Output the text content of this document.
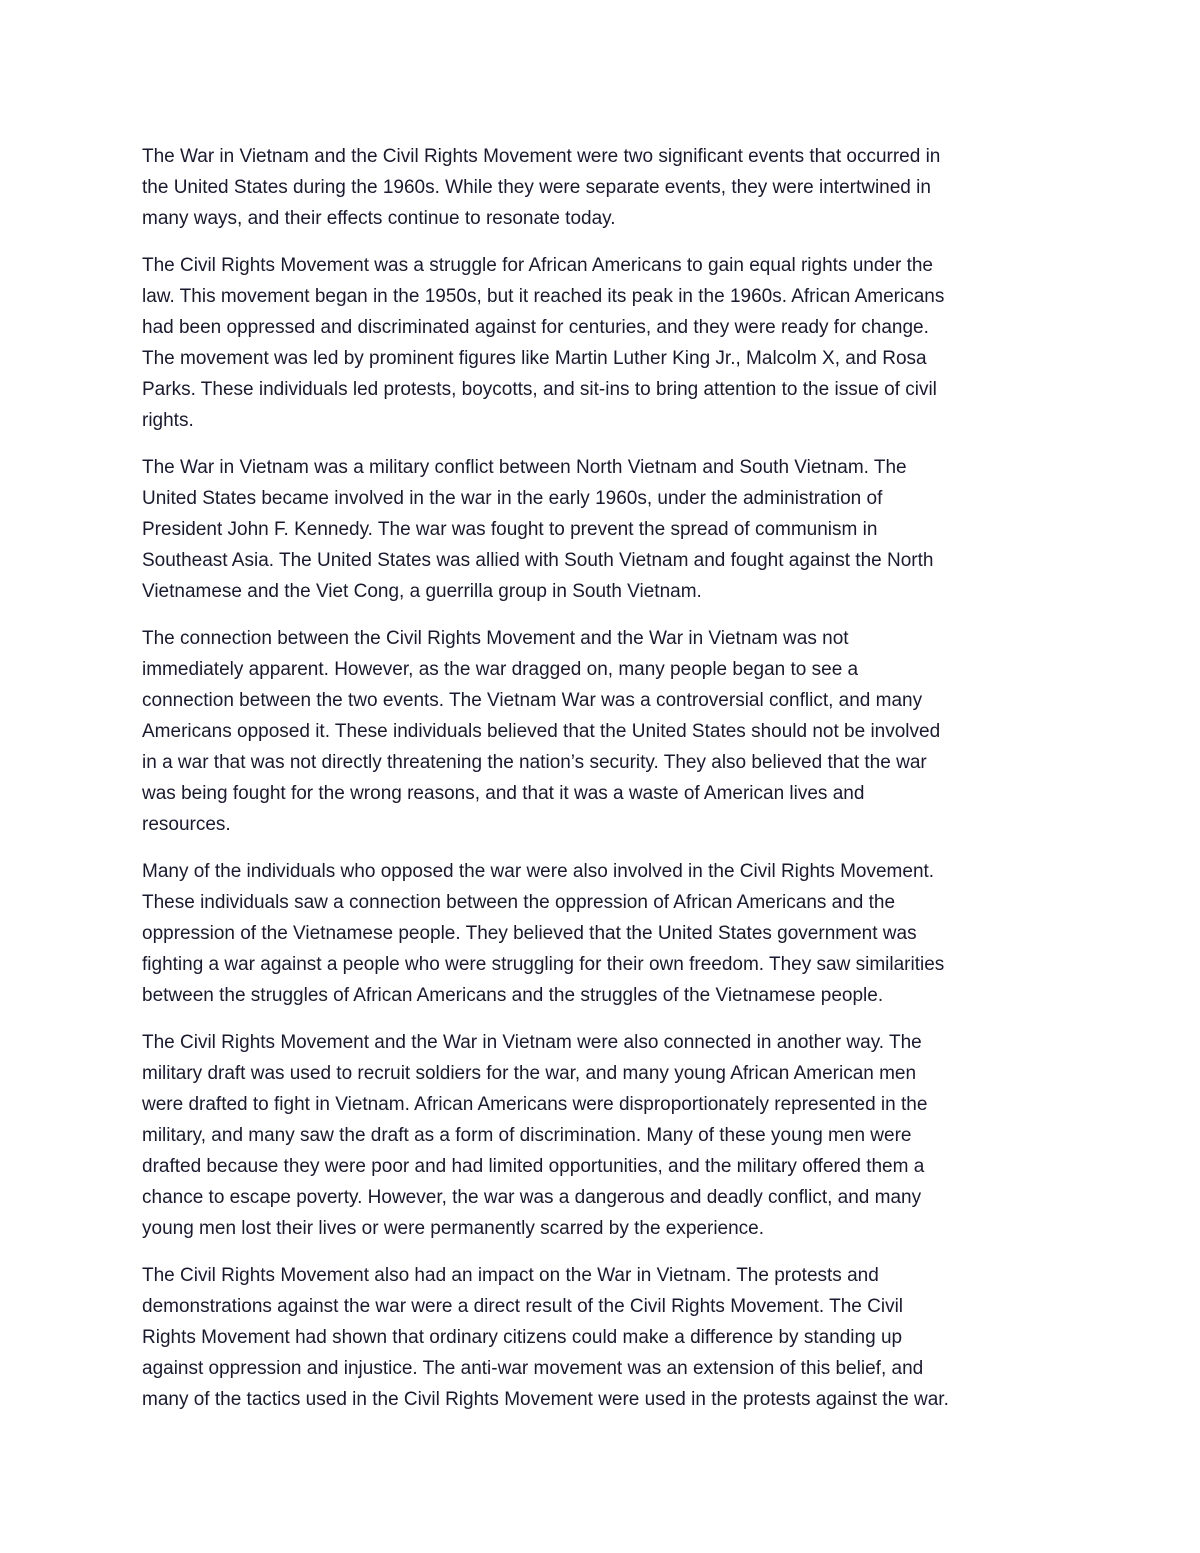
The War in Vietnam and the Civil Rights Movement were two significant events that occurred in
the United States during the 1960s. While they were separate events, they were intertwined in
many ways, and their effects continue to resonate today.

The Civil Rights Movement was a struggle for African Americans to gain equal rights under the
law. This movement began in the 1950s, but it reached its peak in the 1960s. African Americans
had been oppressed and discriminated against for centuries, and they were ready for change.
The movement was led by prominent figures like Martin Luther King Jr., Malcolm X, and Rosa
Parks. These individuals led protests, boycotts, and sit-ins to bring attention to the issue of civil
rights.

The War in Vietnam was a military conflict between North Vietnam and South Vietnam. The
United States became involved in the war in the early 1960s, under the administration of
President John F. Kennedy. The war was fought to prevent the spread of communism in
Southeast Asia. The United States was allied with South Vietnam and fought against the North
Vietnamese and the Viet Cong, a guerrilla group in South Vietnam.

The connection between the Civil Rights Movement and the War in Vietnam was not
immediately apparent. However, as the war dragged on, many people began to see a
connection between the two events. The Vietnam War was a controversial conflict, and many
Americans opposed it. These individuals believed that the United States should not be involved
in a war that was not directly threatening the nation’s security. They also believed that the war
was being fought for the wrong reasons, and that it was a waste of American lives and
resources.

Many of the individuals who opposed the war were also involved in the Civil Rights Movement.
These individuals saw a connection between the oppression of African Americans and the
oppression of the Vietnamese people. They believed that the United States government was
fighting a war against a people who were struggling for their own freedom. They saw similarities
between the struggles of African Americans and the struggles of the Vietnamese people.

The Civil Rights Movement and the War in Vietnam were also connected in another way. The
military draft was used to recruit soldiers for the war, and many young African American men
were drafted to fight in Vietnam. African Americans were disproportionately represented in the
military, and many saw the draft as a form of discrimination. Many of these young men were
drafted because they were poor and had limited opportunities, and the military offered them a
chance to escape poverty. However, the war was a dangerous and deadly conflict, and many
young men lost their lives or were permanently scarred by the experience.

The Civil Rights Movement also had an impact on the War in Vietnam. The protests and
demonstrations against the war were a direct result of the Civil Rights Movement. The Civil
Rights Movement had shown that ordinary citizens could make a difference by standing up
against oppression and injustice. The anti-war movement was an extension of this belief, and
many of the tactics used in the Civil Rights Movement were used in the protests against the war.
